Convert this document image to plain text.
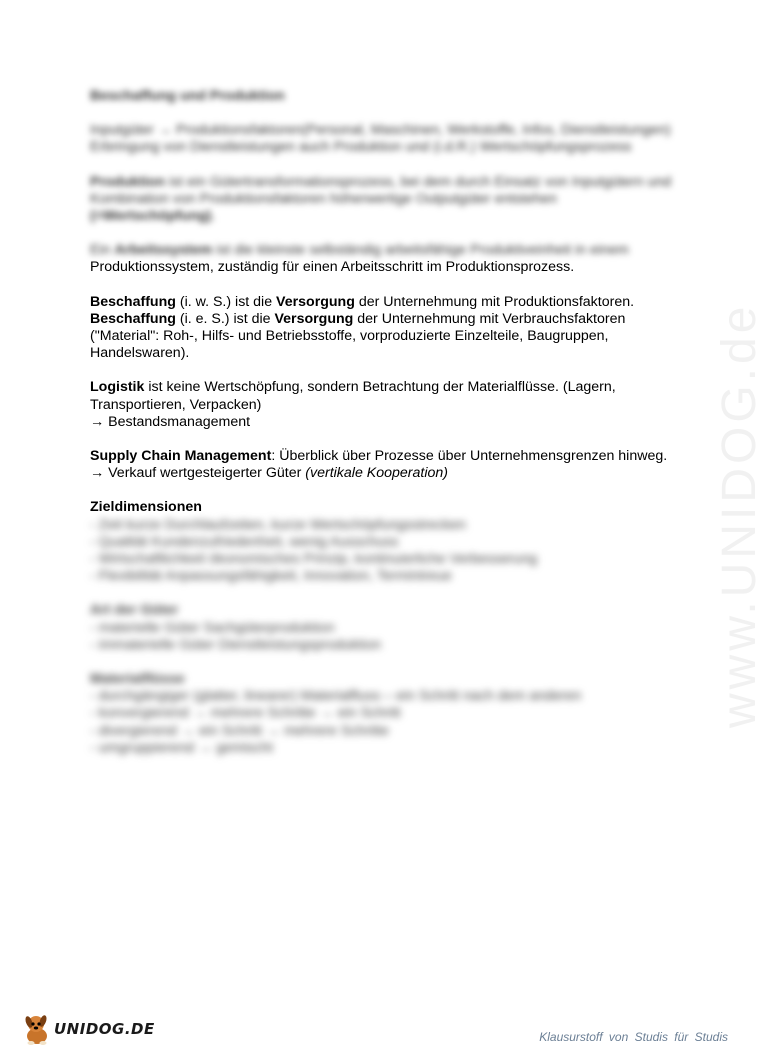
www.UNIDOG.de
Beschaffung und Produktion
Inputgüter → Produktionsfaktoren(Personal, Maschinen, Werkstoffe, Infos, Dienstleistungen)
Erbringung von Dienstleistungen auch Produktion und (i.d.R.) Wertschöpfungsprozess
Produktion ist ein Gütertransformationsprozess, bei dem durch Einsatz von Inputgütern und
Kombination von Produktionsfaktoren höherwertige Outputgüter entstehen
(=Wertschöpfung).
Ein Arbeitssystem ist die kleinste selbständig arbeitsfähige Produktiveinheit in einem
Produktionssystem, zuständig für einen Arbeitsschritt im Produktionsprozess.
Beschaffung (i. w. S.) ist die Versorgung der Unternehmung mit Produktionsfaktoren.
Beschaffung (i. e. S.) ist die Versorgung der Unternehmung mit Verbrauchsfaktoren
("Material": Roh-, Hilfs- und Betriebsstoffe, vorproduzierte Einzelteile, Baugruppen,
Handelswaren).
Logistik ist keine Wertschöpfung, sondern Betrachtung der Materialflüsse. (Lagern,
Transportieren, Verpacken)
→ Bestandsmanagement
Supply Chain Management: Überblick über Prozesse über Unternehmensgrenzen hinweg.
→ Verkauf wertgesteigerter Güter (vertikale Kooperation)
Zieldimensionen
- Zeit kurze Durchlaufzeiten, kurze Wertschöpfungsstrecken
- Qualität Kundenzufriedenheit, wenig Ausschuss
- Wirtschaftlichkeit ökonomisches Prinzip, kontinuierliche Verbesserung
- Flexibilität Anpassungsfähigkeit, Innovation, Termintreue
Art der Güter
- materielle Güter Sachgüterproduktion
- immaterielle Güter Dienstleistungsproduktion
Materialflüsse
- durchgängiger (glatter, linearer) Materialfluss – ein Schritt nach dem anderen
- konvergierend → mehrere Schritte → ein Schritt
- divergierend → ein Schritt → mehrere Schritte
- umgruppierend → gemischt
UNIDOG.DE	Klausurstoff von Studis für Studis
